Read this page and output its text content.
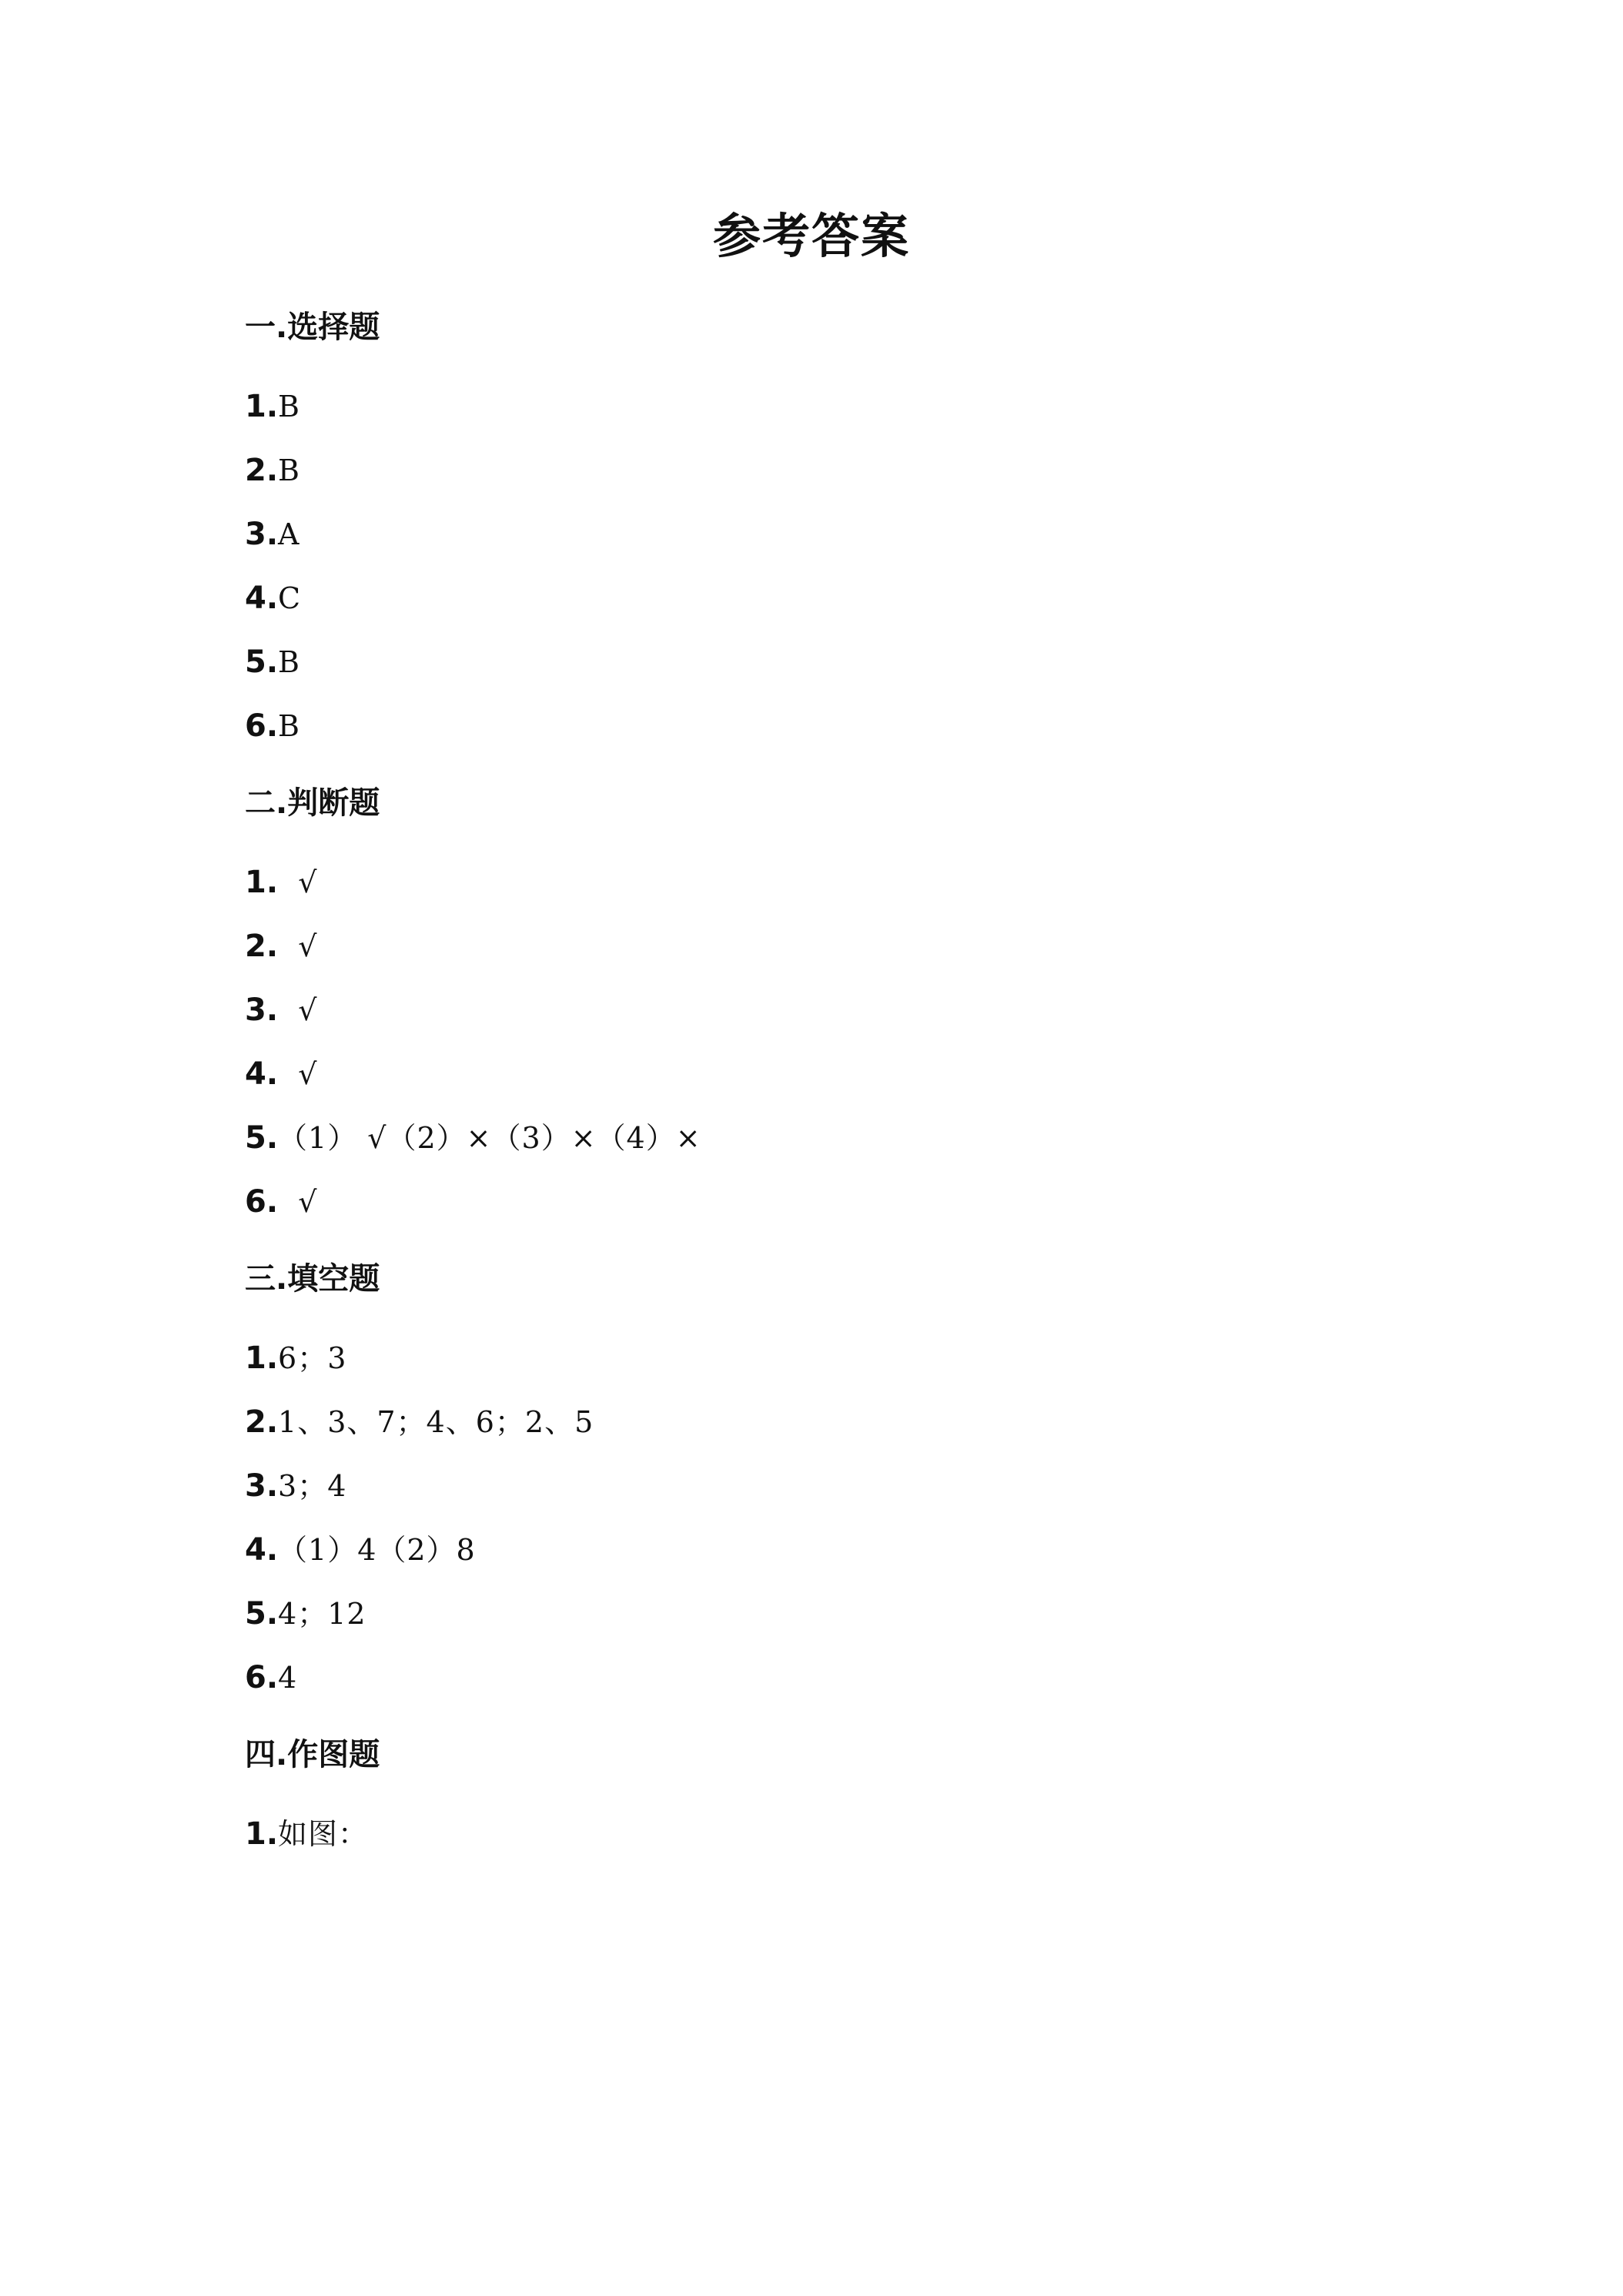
参考答案
一.选择题
1.B
2.B
3.A
4.C
5.B
6.B
二.判断题
1.  √
2.  √
3.  √
4.  √
5.（1） √（2）×（3）×（4）×
6.  √
三.填空题
1.6；3
2.1、3、7；4、6；2、5
3.3；4
4.（1）4（2）8
5.4；12
6.4
四.作图题
1.如图：
